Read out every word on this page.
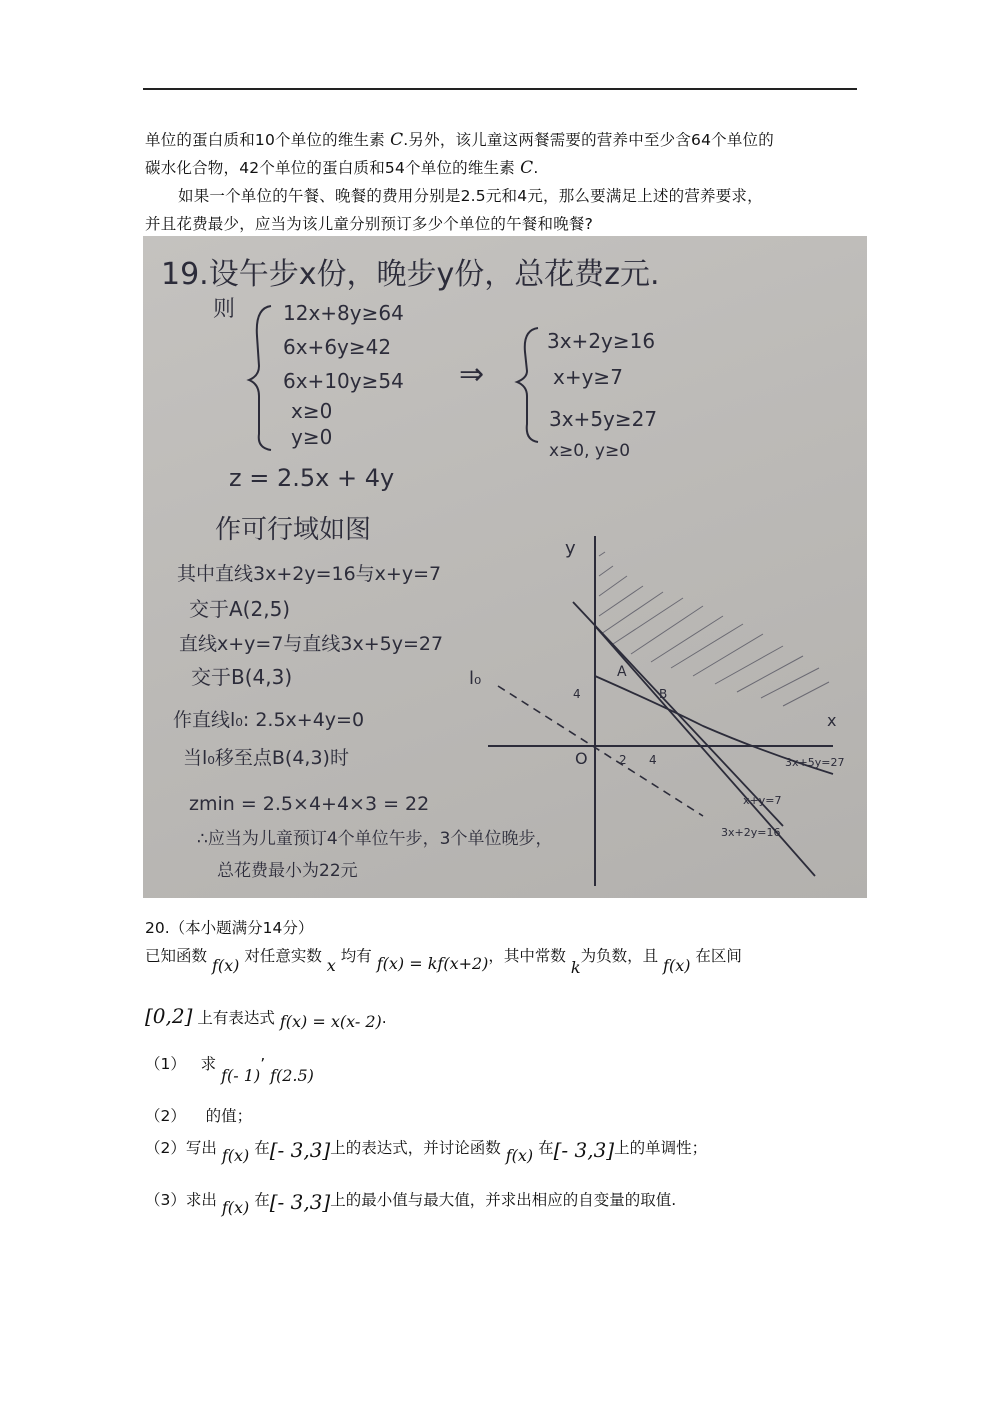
单位的蛋白质和10个单位的维生素 C.另外，该儿童这两餐需要的营养中至少含64个单位的
碳水化合物，42个单位的蛋白质和54个单位的维生素 C.
如果一个单位的午餐、晚餐的费用分别是2.5元和4元，那么要满足上述的营养要求，
并且花费最少，应当为该儿童分别预订多少个单位的午餐和晚餐?
19.设午步x份，晚步y份，总花费z元.
则 12x+8y≥64
6x+6y≥42
6x+10y≥54
x≥0
y≥0
⇒
3x+2y≥16
x+y≥7
3x+5y≥27
x≥0, y≥0
z = 2.5x + 4y
作可行域如图
其中直线3x+2y=16与x+y=7
交于A(2,5)
直线x+y=7与直线3x+5y=27
交于B(4,3)
作直线l₀: 2.5x+4y=0
当l₀移至点B(4,3)时
zmin = 2.5×4+4×3 = 22
∴应当为儿童预订4个单位午步，3个单位晚步，
总花费最小为22元
y
x
O
4
2 4
l₀	A
B
3x+5y=27
x+y=7
3x+2y=16
20.（本小题满分14分）
已知函数 f(x) 对任意实数 x 均有 f(x) = kf(x+2)，其中常数 k为负数，且 f(x) 在区间
[0,2] 上有表达式 f(x) = x(x- 2).
（1） 求 f(- 1)’ f(2.5)
（2） 的值；
（2）写出 f(x) 在[- 3,3]上的表达式，并讨论函数 f(x) 在[- 3,3]上的单调性；
（3）求出 f(x) 在[- 3,3]上的最小值与最大值，并求出相应的自变量的取值.
